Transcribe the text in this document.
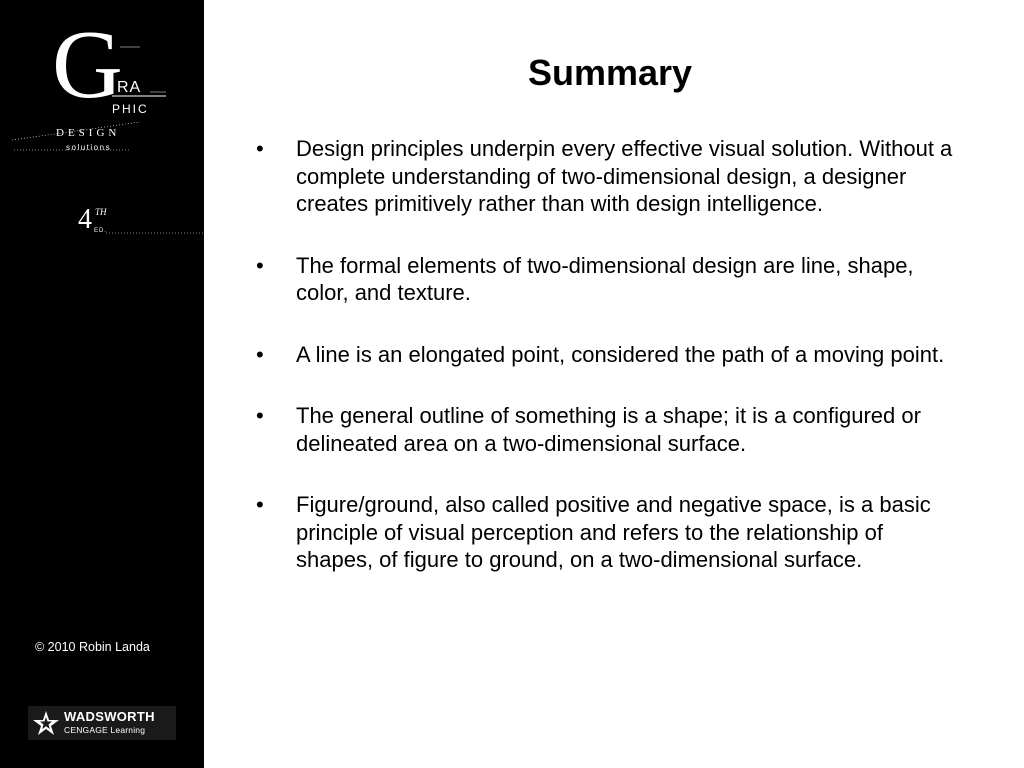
G
RA
PHIC
DESIGN
solutions
4 TH
ED.
© 2010 Robin Landa
WADSWORTH
CENGAGE Learning
Summary
•	Design principles underpin every effective visual solution. Without a complete understanding of two-dimensional design, a designer creates primitively rather than with design intelligence.
•	The formal elements of two-dimensional design are line, shape, color, and texture.
•	A line is an elongated point, considered the path of a moving point.
•	The general outline of something is a shape; it is a configured or delineated area on a two-dimensional surface.
•	Figure/ground, also called positive and negative space, is a basic principle of visual perception and refers to the relationship of shapes, of figure to ground, on a two-dimensional surface.
